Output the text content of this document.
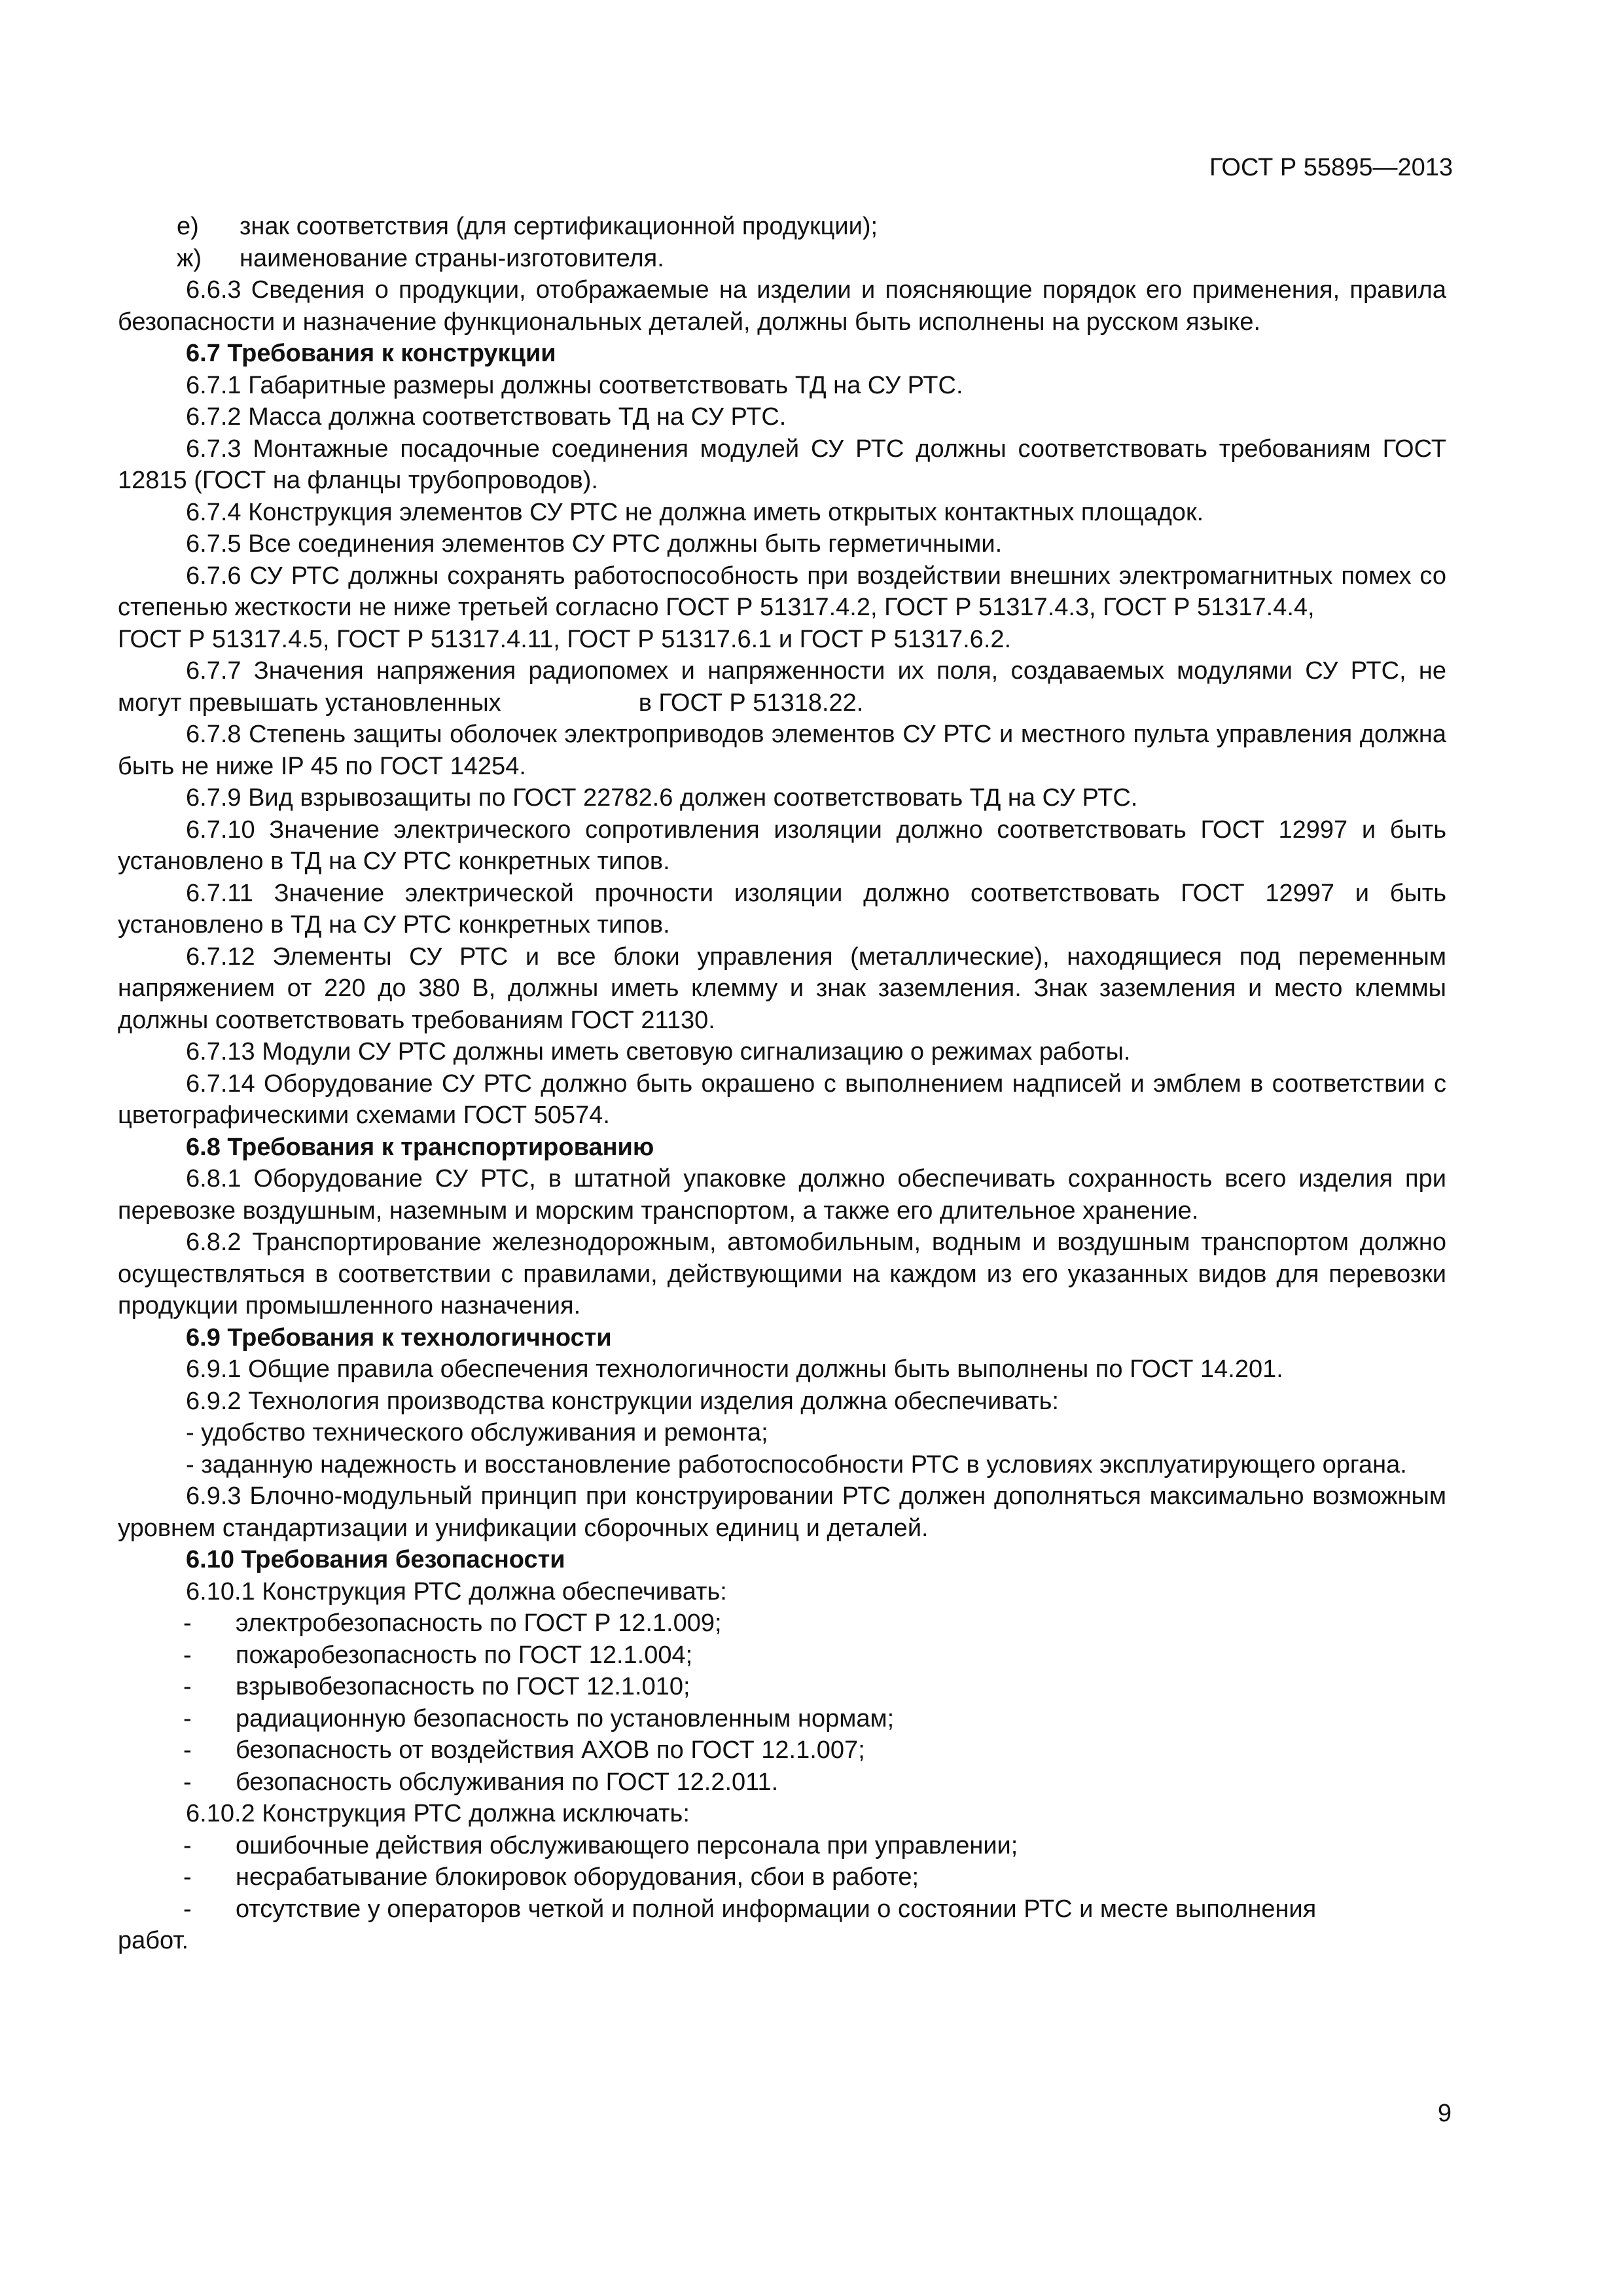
ГОСТ Р 55895—2013
е)	знак соответствия (для сертификационной продукции);
ж)	наименование страны-изготовителя.

6.6.3 Сведения о продукции, отображаемые на изделии и поясняющие порядок его применения, правила безопасности и назначение функциональных деталей, должны быть исполнены на русском языке.

6.7 Требования к конструкции

6.7.1 Габаритные размеры должны соответствовать ТД на СУ РТС.

6.7.2 Масса должна соответствовать ТД на СУ РТС.

6.7.3 Монтажные посадочные соединения модулей СУ РТС должны соответствовать требованиям ГОСТ 12815 (ГОСТ на фланцы трубопроводов).

6.7.4 Конструкция элементов СУ РТС не должна иметь открытых контактных площадок.

6.7.5 Все соединения элементов СУ РТС должны быть герметичными.

6.7.6 СУ РТС должны сохранять работоспособность при воздействии внешних электромагнитных помех со степенью жесткости не ниже третьей согласно ГОСТ Р 51317.4.2, ГОСТ Р 51317.4.3, ГОСТ Р 51317.4.4,

ГОСТ Р 51317.4.5, ГОСТ Р 51317.4.11, ГОСТ Р 51317.6.1 и ГОСТ Р 51317.6.2.

6.7.7 Значения напряжения радиопомех и напряженности их поля, создаваемых модулями СУ РТС, не могут превышать установленных	в ГОСТ Р 51318.22.

6.7.8 Степень защиты оболочек электроприводов элементов СУ РТС и местного пульта управления должна быть не ниже IP 45 по ГОСТ 14254.

6.7.9 Вид взрывозащиты по ГОСТ 22782.6 должен соответствовать ТД на СУ РТС.

6.7.10 Значение электрического сопротивления изоляции должно соответствовать ГОСТ 12997 и быть установлено в ТД на СУ РТС конкретных типов.

6.7.11 Значение электрической прочности изоляции должно соответствовать ГОСТ 12997 и быть установлено в ТД на СУ РТС конкретных типов.

6.7.12 Элементы СУ РТС и все блоки управления (металлические), находящиеся под переменным напряжением от 220 до 380 В, должны иметь клемму и знак заземления. Знак заземления и место клеммы должны соответствовать требованиям ГОСТ 21130.

6.7.13 Модули СУ РТС должны иметь световую сигнализацию о режимах работы.

6.7.14 Оборудование СУ РТС должно быть окрашено с выполнением надписей и эмблем в соответствии с цветографическими схемами ГОСТ 50574.

6.8 Требования к транспортированию

6.8.1 Оборудование СУ РТС, в штатной упаковке должно обеспечивать сохранность всего изделия при перевозке воздушным, наземным и морским транспортом, а также его длительное хранение.

6.8.2 Транспортирование железнодорожным, автомобильным, водным и воздушным транспортом должно осуществляться в соответствии с правилами, действующими на каждом из его указанных видов для перевозки продукции промышленного назначения.

6.9 Требования к технологичности

6.9.1 Общие правила обеспечения технологичности должны быть выполнены по ГОСТ 14.201.

6.9.2 Технология производства конструкции изделия должна обеспечивать:

- удобство технического обслуживания и ремонта;

- заданную надежность и восстановление работоспособности РТС в условиях эксплуатирующего органа.

6.9.3 Блочно-модульный принцип при конструировании РТС должен дополняться максимально возможным уровнем стандартизации и унификации сборочных единиц и деталей.

6.10 Требования безопасности

6.10.1 Конструкция РТС должна обеспечивать:

-	электробезопасность по ГОСТ Р 12.1.009;
-	пожаробезопасность по ГОСТ 12.1.004;
-	взрывобезопасность по ГОСТ 12.1.010;
-	радиационную безопасность по установленным нормам;
-	безопасность от воздействия АХОВ по ГОСТ 12.1.007;
-	безопасность обслуживания по ГОСТ 12.2.011.

6.10.2 Конструкция РТС должна исключать:

-	ошибочные действия обслуживающего персонала при управлении;
-	несрабатывание блокировок оборудования, сбои в работе;
-	отсутствие у операторов четкой и полной информации о состоянии РТС и месте выполнения

работ.

9
